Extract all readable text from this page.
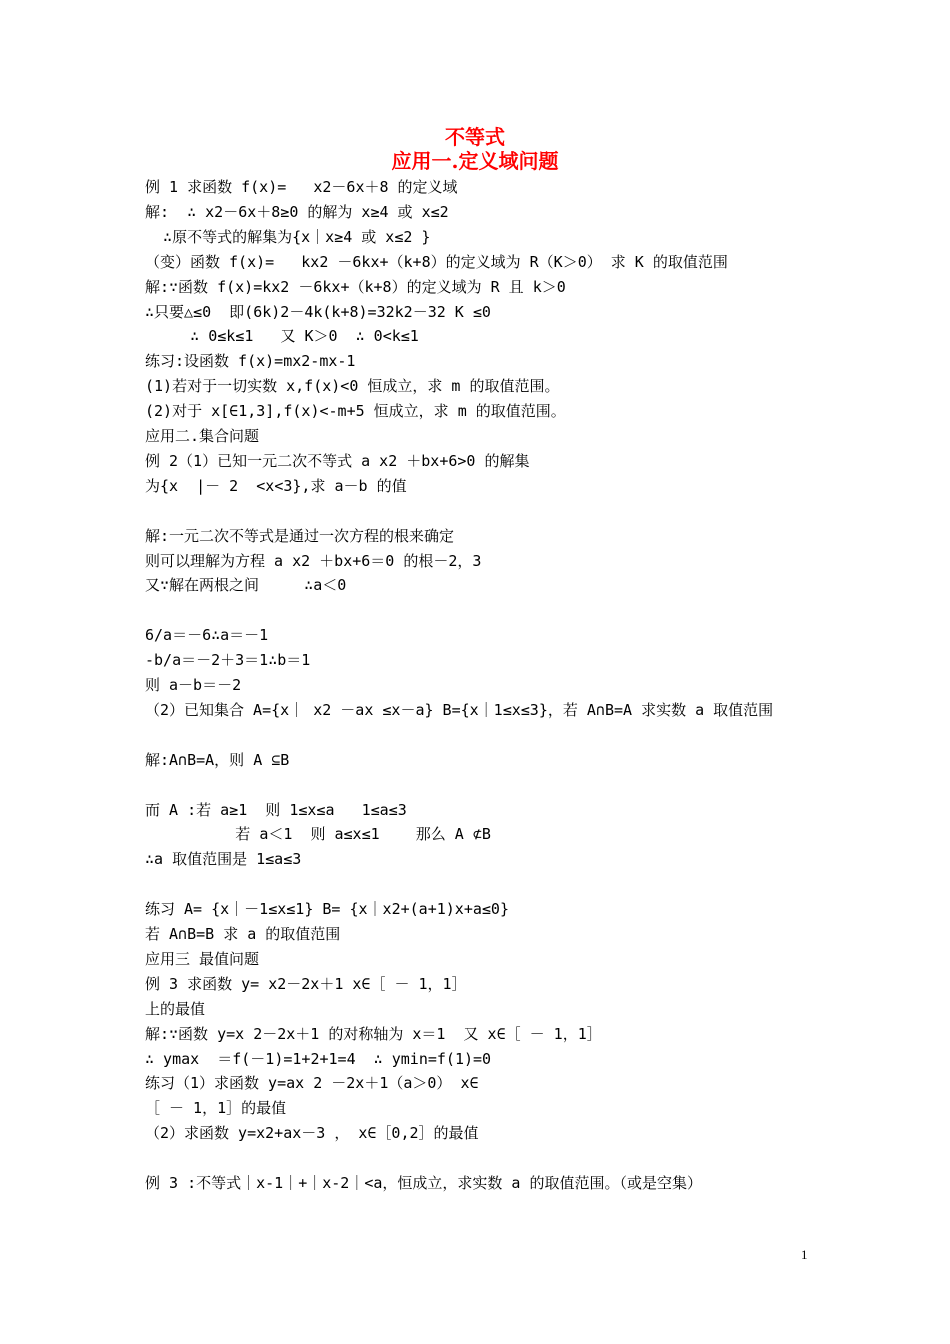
不等式
应用一.定义域问题
例 1 求函数 f(x)=   x2－6x＋8 的定义域
解:  ∴ x2－6x＋8≥0 的解为 x≥4 或 x≤2
∴原不等式的解集为{x｜x≥4 或 x≤2 }
（变）函数 f(x)=   kx2 －6kx+（k+8）的定义域为 R（K＞0） 求 K 的取值范围
解:∵函数 f(x)=kx2 －6kx+（k+8）的定义域为 R 且 k＞0
∴只要△≤0  即(6k)2－4k(k+8)=32k2－32 K ≤0
∴ 0≤k≤1   又 K＞0  ∴ 0<k≤1
练习:设函数 f(x)=mx2-mx-1
(1)若对于一切实数 x,f(x)<0 恒成立，求 m 的取值范围。
(2)对于 x[∈1,3],f(x)<-m+5 恒成立，求 m 的取值范围。
应用二.集合问题
例 2（1）已知一元二次不等式 a x2 ＋bx+6>0 的解集
为{x  |－ 2  <x<3},求 a－b 的值
解:一元二次不等式是通过一次方程的根来确定
则可以理解为方程 a x2 ＋bx+6＝0 的根－2，3
又∵解在两根之间     ∴a＜0
6/a＝－6∴a＝－1
-b/a＝－2＋3＝1∴b＝1
则 a－b＝－2
（2）已知集合 A={x｜ x2 －ax ≤x－a} B={x｜1≤x≤3}，若 A∩B=A 求实数 a 取值范围
解:A∩B=A，则 A ⊆B
而 A :若 a≥1  则 1≤x≤a   1≤a≤3
若 a＜1  则 a≤x≤1    那么 A ⊄B
∴a 取值范围是 1≤a≤3
练习 A= {x｜－1≤x≤1} B= {x｜x2+(a+1)x+a≤0}
若 A∩B=B 求 a 的取值范围
应用三 最值问题
例 3 求函数 y= x2－2x＋1 x∈［ － 1，1］
上的最值
解:∵函数 y=x 2－2x＋1 的对称轴为 x＝1  又 x∈［ － 1，1］
∴ ymax  ＝f(－1)=1+2+1=4  ∴ ymin=f(1)=0
练习（1）求函数 y=ax 2 －2x＋1（a＞0） x∈
［ － 1，1］的最值
（2）求函数 y=x2+ax－3 ， x∈［0,2］的最值
例 3 :不等式｜x-1｜+｜x-2｜<a，恒成立，求实数 a 的取值范围。（或是空集）
1
